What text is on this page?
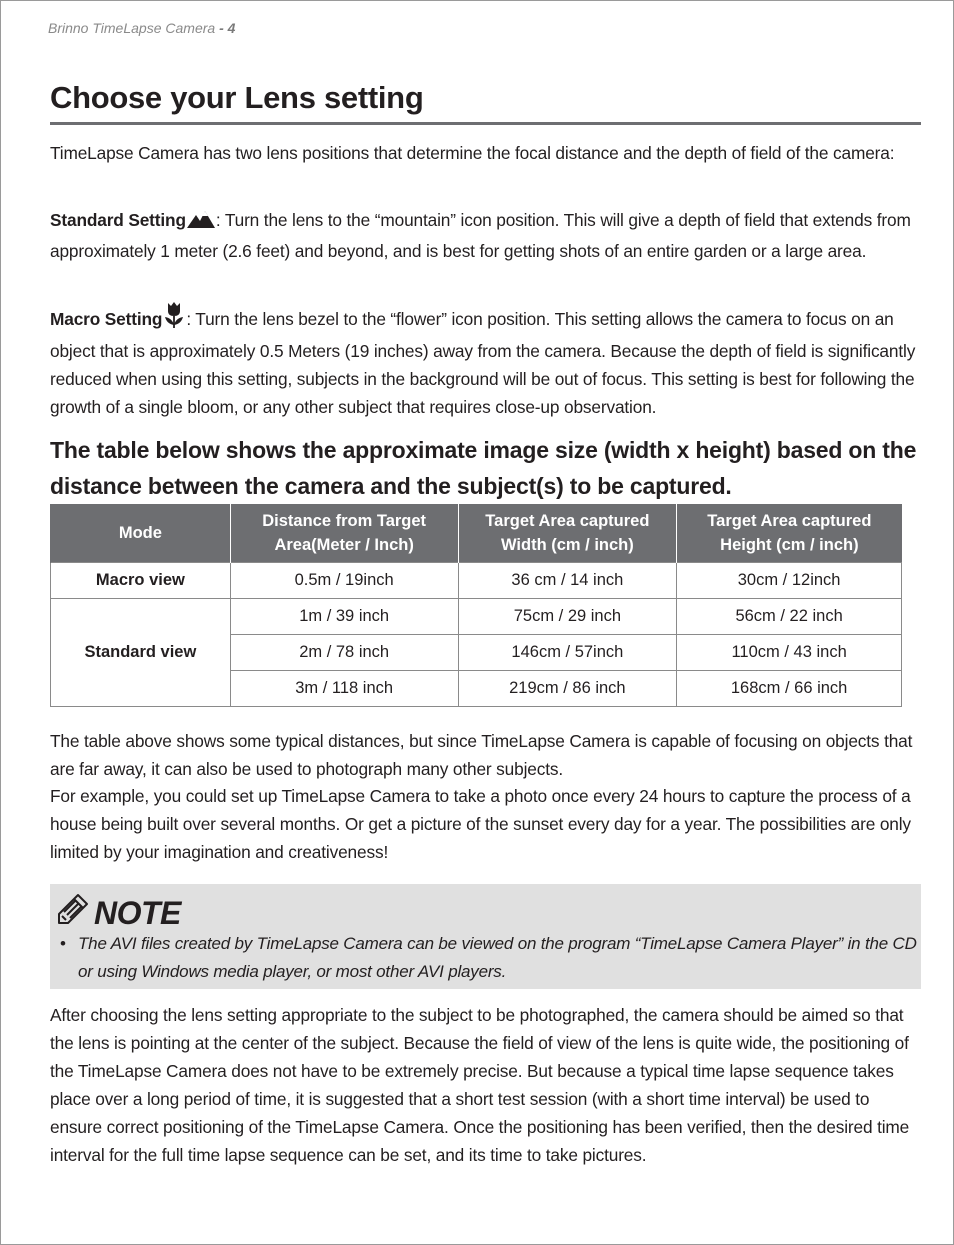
Brinno TimeLapse Camera - 4
Choose your Lens setting

TimeLapse Camera has two lens positions that determine the focal distance and the depth of field of the camera:

Standard Setting : Turn the lens to the “mountain” icon position. This will give a depth of field that extends from approximately 1 meter (2.6 feet) and beyond, and is best for getting shots of an entire garden or a large area.

Macro Setting : Turn the lens bezel to the “flower” icon position. This setting allows the camera to focus on an object that is approximately 0.5 Meters (19 inches) away from the camera. Because the depth of field is significantly reduced when using this setting, subjects in the background will be out of focus. This setting is best for following the growth of a single bloom, or any other subject that requires close-up observation.

The table below shows the approximate image size (width x height) based on the distance between the camera and the subject(s) to be captured.
Mode	Distance from Target Area(Meter / Inch)	Target Area captured Width (cm / inch)	Target Area captured Height (cm / inch)
Macro view	0.5m / 19inch	36 cm / 14 inch	30cm / 12inch
Standard view	1m / 39 inch	75cm / 29 inch	56cm / 22 inch
	2m / 78 inch	146cm / 57inch	110cm / 43 inch
	3m / 118 inch	219cm / 86 inch	168cm / 66 inch

The table above shows some typical distances, but since TimeLapse Camera is capable of focusing on objects that are far away, it can also be used to photograph many other subjects.

For example, you could set up TimeLapse Camera to take a photo once every 24 hours to capture the process of a house being built over several months. Or get a picture of the sunset every day for a year. The possibilities are only limited by your imagination and creativeness!

NOTE

• The AVI files created by TimeLapse Camera can be viewed on the program “TimeLapse Camera Player” in the CD or using Windows media player, or most other AVI players.

After choosing the lens setting appropriate to the subject to be photographed, the camera should be aimed so that the lens is pointing at the center of the subject. Because the field of view of the lens is quite wide, the positioning of the TimeLapse Camera does not have to be extremely precise. But because a typical time lapse sequence takes place over a long period of time, it is suggested that a short test session (with a short time interval) be used to ensure correct positioning of the TimeLapse Camera. Once the positioning has been verified, then the desired time interval for the full time lapse sequence can be set, and its time to take pictures.
